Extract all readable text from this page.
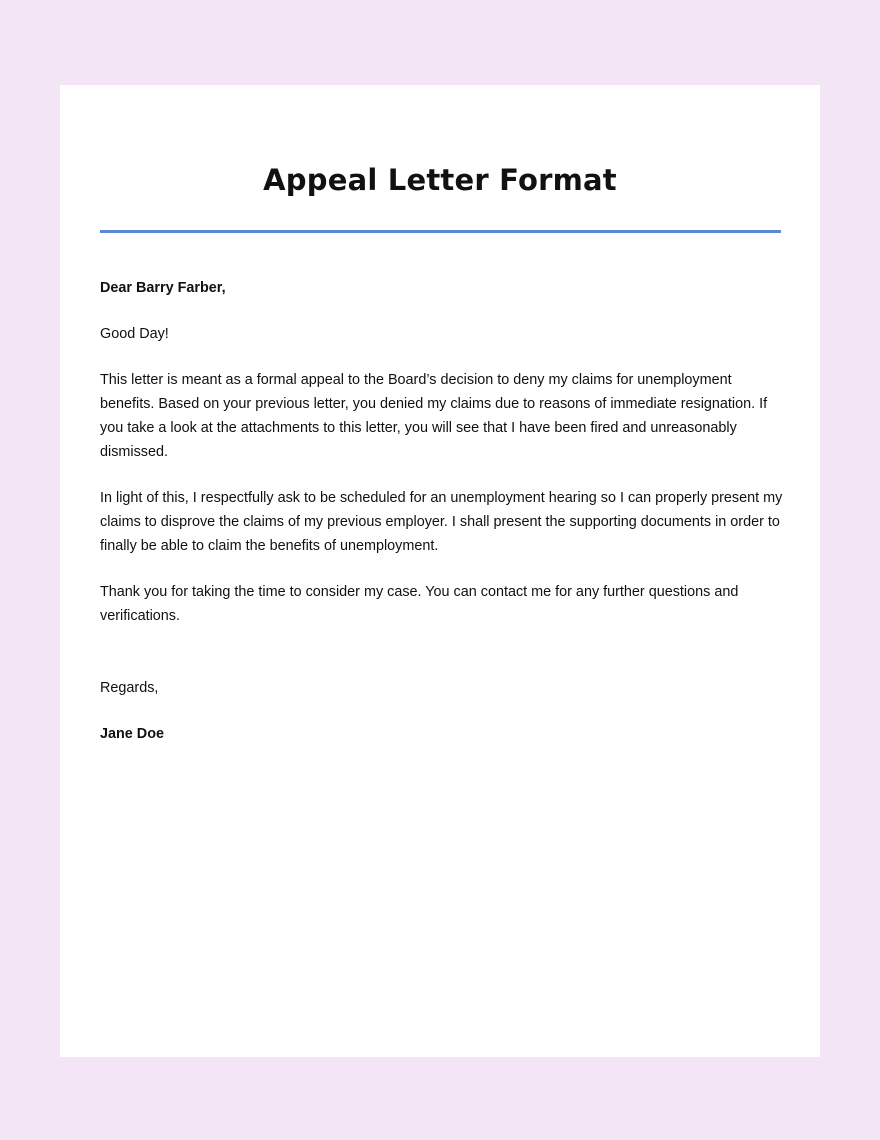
Appeal Letter Format

Dear Barry Farber,

Good Day!

This letter is meant as a formal appeal to the Board’s decision to deny my claims for unemployment benefits. Based on your previous letter, you denied my claims due to reasons of immediate resignation. If you take a look at the attachments to this letter, you will see that I have been fired and unreasonably dismissed.

In light of this, I respectfully ask to be scheduled for an unemployment hearing so I can properly present my claims to disprove the claims of my previous employer. I shall present the supporting documents in order to finally be able to claim the benefits of unemployment.

Thank you for taking the time to consider my case. You can contact me for any further questions and verifications.

Regards,

Jane Doe
